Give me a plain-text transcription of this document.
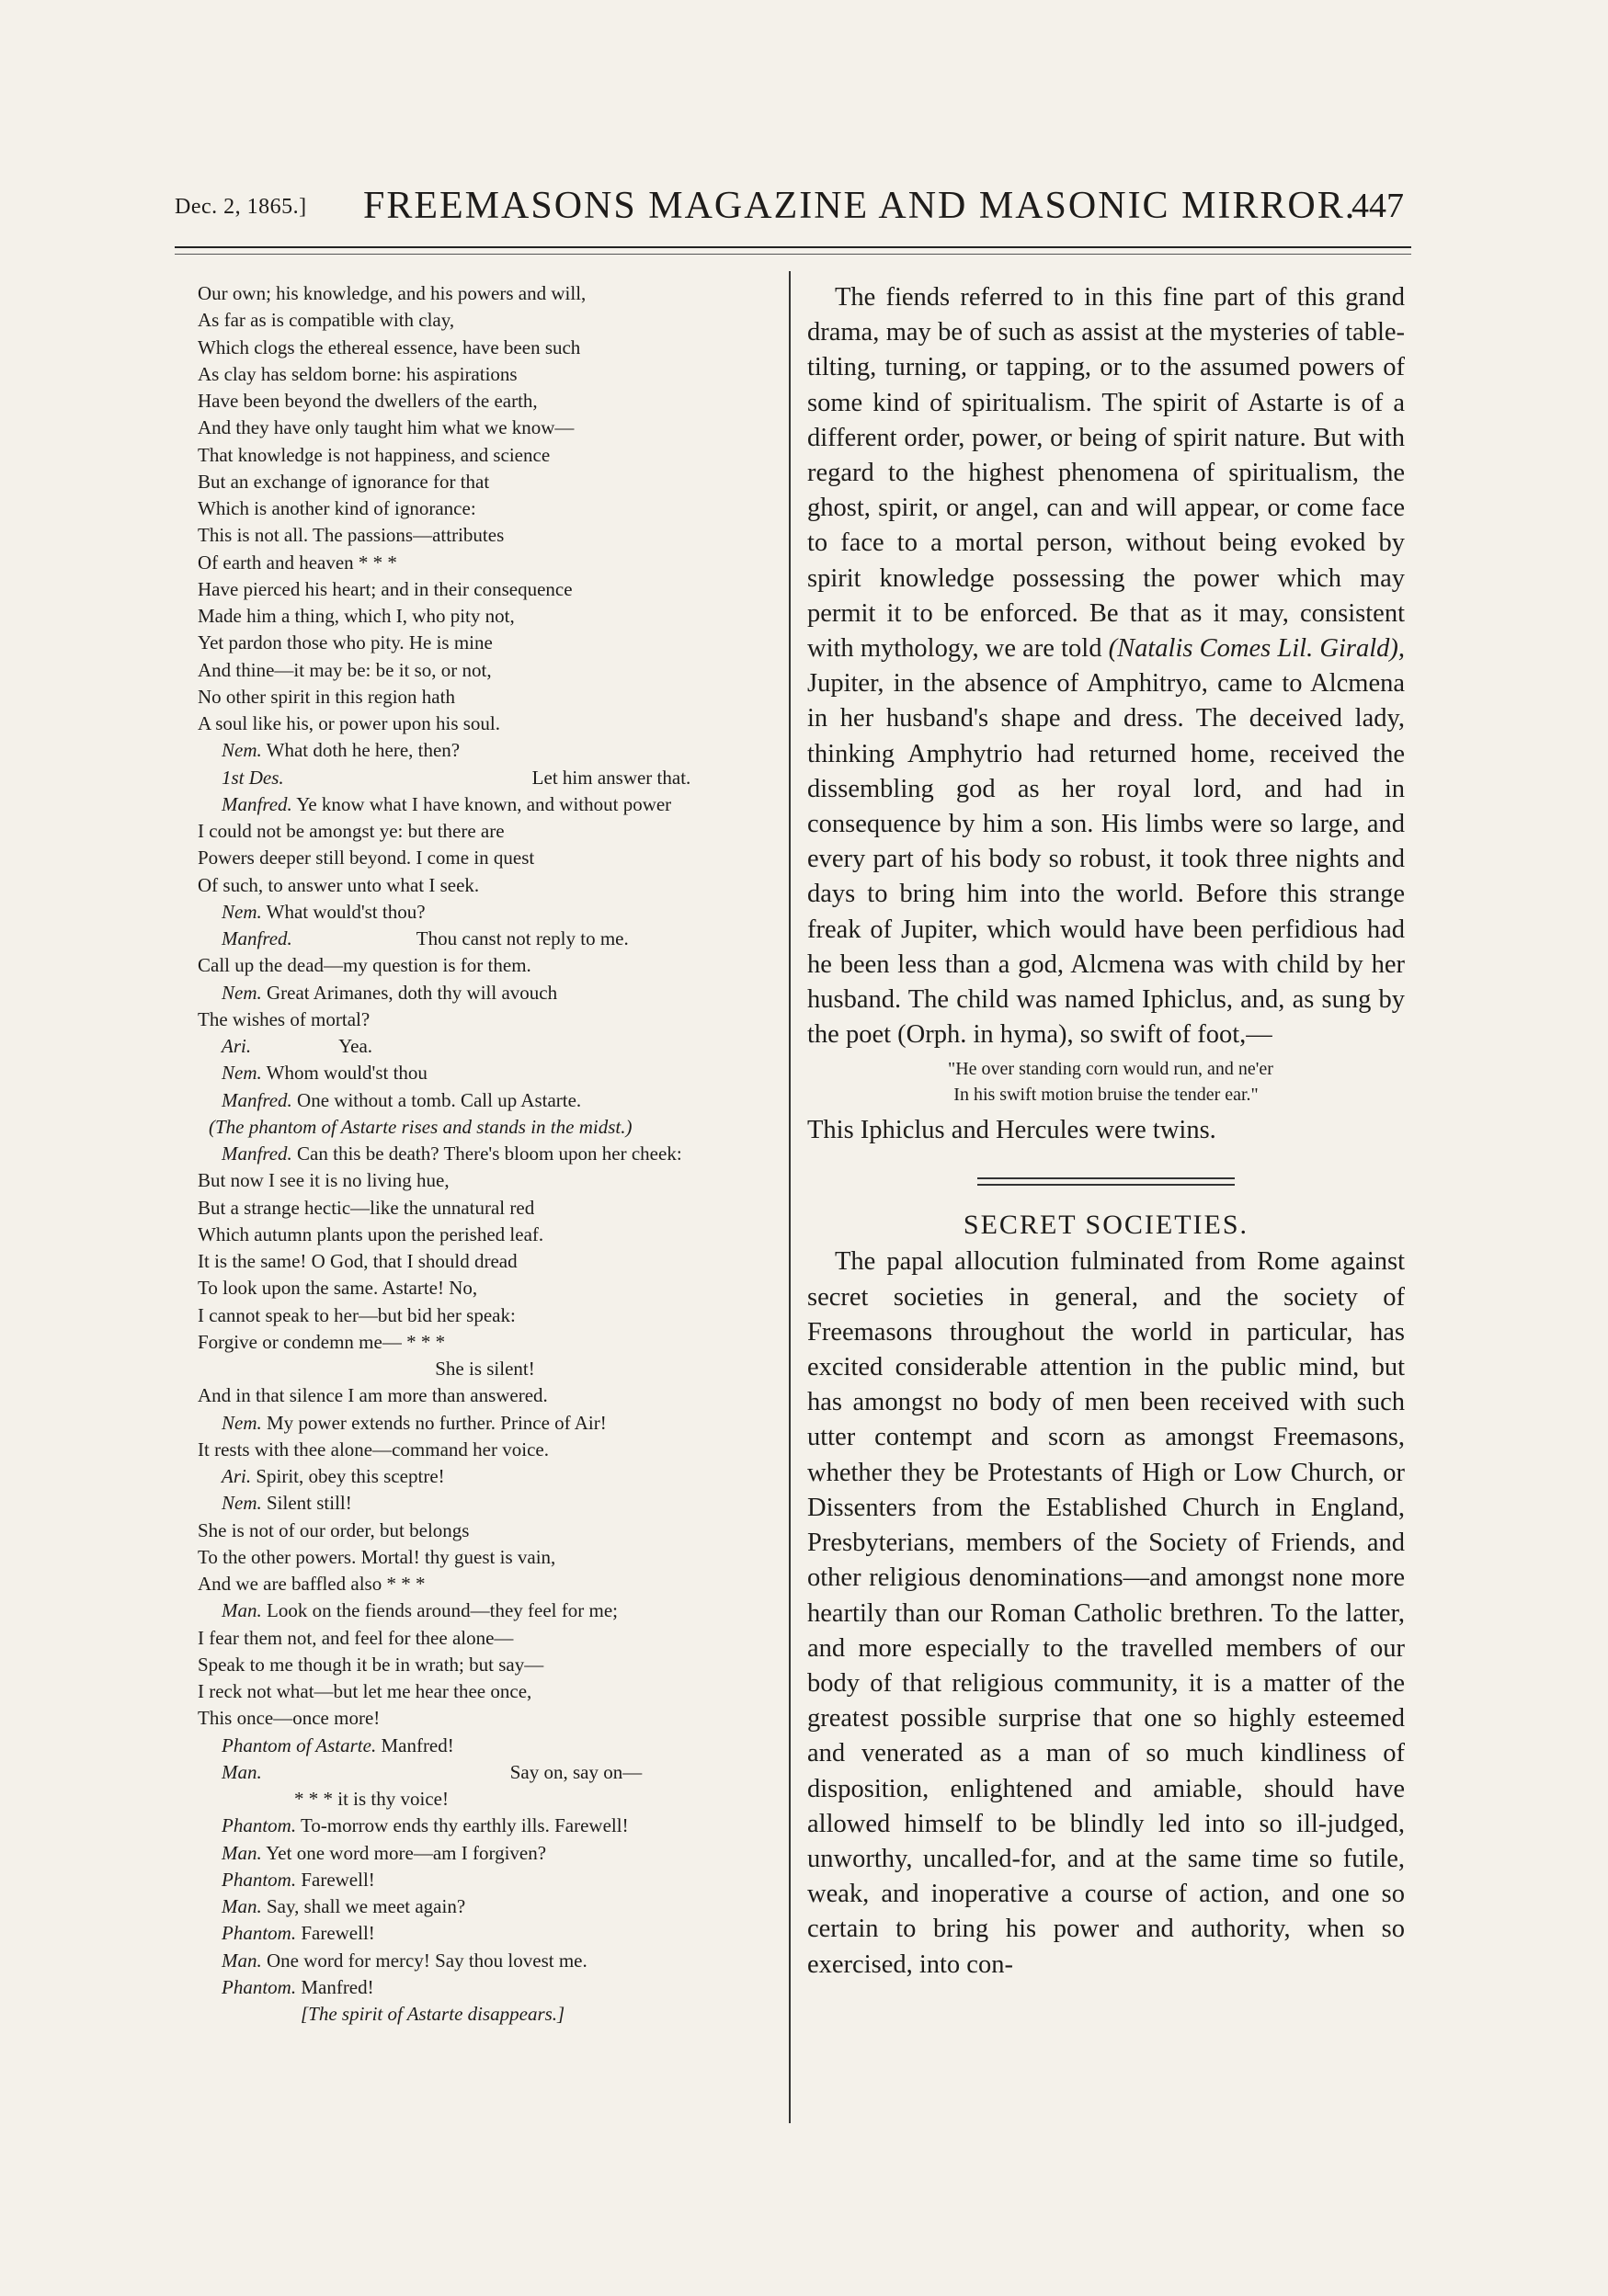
Dec. 2, 1865.] FREEMASONS MAGAZINE AND MASONIC MIRROR.
447
Our own; his knowledge, and his powers and will,
As far as is compatible with clay,
Which clogs the ethereal essence, have been such
As clay has seldom borne: his aspirations
Have been beyond the dwellers of the earth,
And they have only taught him what we know—
That knowledge is not happiness, and science
But an exchange of ignorance for that
Which is another kind of ignorance:
This is not all. The passions—attributes
Of earth and heaven * * *
Have pierced his heart; and in their consequence
Made him a thing, which I, who pity not,
Yet pardon those who pity. He is mine
And thine—it may be: be it so, or not,
No other spirit in this region hath
A soul like his, or power upon his soul.
Nem. What doth he here, then?
1st Des.	Let him answer that.
Manfred. Ye know what I have known, and without power
I could not be amongst ye: but there are
Powers deeper still beyond. I come in quest
Of such, to answer unto what I seek.
Nem. What would'st thou?
Manfred.	Thou canst not reply to me.
Call up the dead—my question is for them.
Nem. Great Arimanes, doth thy will avouch
The wishes of mortal?
Ari.	Yea.
Nem. Whom would'st thou
Manfred. One without a tomb. Call up Astarte.
(The phantom of Astarte rises and stands in the midst.)
Manfred. Can this be death? There's bloom upon her cheek:
But now I see it is no living hue,
But a strange hectic—like the unnatural red
Which autumn plants upon the perished leaf.
It is the same! O God, that I should dread
To look upon the same. Astarte! No,
I cannot speak to her—but bid her speak:
Forgive or condemn me— * * *
She is silent!
And in that silence I am more than answered.
Nem. My power extends no further. Prince of Air!
It rests with thee alone—command her voice.
Ari. Spirit, obey this sceptre!
Nem. Silent still!
She is not of our order, but belongs
To the other powers. Mortal! thy guest is vain,
And we are baffled also * * *
Man. Look on the fiends around—they feel for me;
I fear them not, and feel for thee alone—
Speak to me though it be in wrath; but say—
I reck not what—but let me hear thee once,
This once—once more!
Phantom of Astarte. Manfred!
Man.	Say on, say on—
* * * it is thy voice!
Phantom. To-morrow ends thy earthly ills. Farewell!
Man. Yet one word more—am I forgiven?
Phantom. Farewell!
Man. Say, shall we meet again?
Phantom. Farewell!
Man. One word for mercy! Say thou lovest me.
Phantom. Manfred!
[The spirit of Astarte disappears.]

The fiends referred to in this fine part of this grand drama, may be of such as assist at the mysteries of table-tilting, turning, or tapping, or to the assumed powers of some kind of spiritualism. The spirit of Astarte is of a different order, power, or being of spirit nature. But with regard to the highest phenomena of spiritualism, the ghost, spirit, or angel, can and will appear, or come face to face to a mortal person, without being evoked by spirit knowledge possessing the power which may permit it to be enforced. Be that as it may, consistent with mythology, we are told (Natalis Comes Lil. Girald), Jupiter, in the absence of Amphitryo, came to Alcmena in her husband's shape and dress. The deceived lady, thinking Amphytrio had returned home, received the dissembling god as her royal lord, and had in consequence by him a son. His limbs were so large, and every part of his body so robust, it took three nights and days to bring him into the world. Before this strange freak of Jupiter, which would have been perfidious had he been less than a god, Alcmena was with child by her husband. The child was named Iphiclus, and, as sung by the poet (Orph. in hyma), so swift of foot,—

"He over standing corn would run, and ne'er
In his swift motion bruise the tender ear."

This Iphiclus and Hercules were twins.

SECRET SOCIETIES.

The papal allocution fulminated from Rome against secret societies in general, and the society of Freemasons throughout the world in particular, has excited considerable attention in the public mind, but has amongst no body of men been received with such utter contempt and scorn as amongst Freemasons, whether they be Protestants of High or Low Church, or Dissenters from the Established Church in England, Presbyterians, members of the Society of Friends, and other religious denominations—and amongst none more heartily than our Roman Catholic brethren. To the latter, and more especially to the travelled members of our body of that religious community, it is a matter of the greatest possible surprise that one so highly esteemed and venerated as a man of so much kindliness of disposition, enlightened and amiable, should have allowed himself to be blindly led into so ill-judged, unworthy, uncalled-for, and at the same time so futile, weak, and inoperative a course of action, and one so certain to bring his power and authority, when so exercised, into con-
